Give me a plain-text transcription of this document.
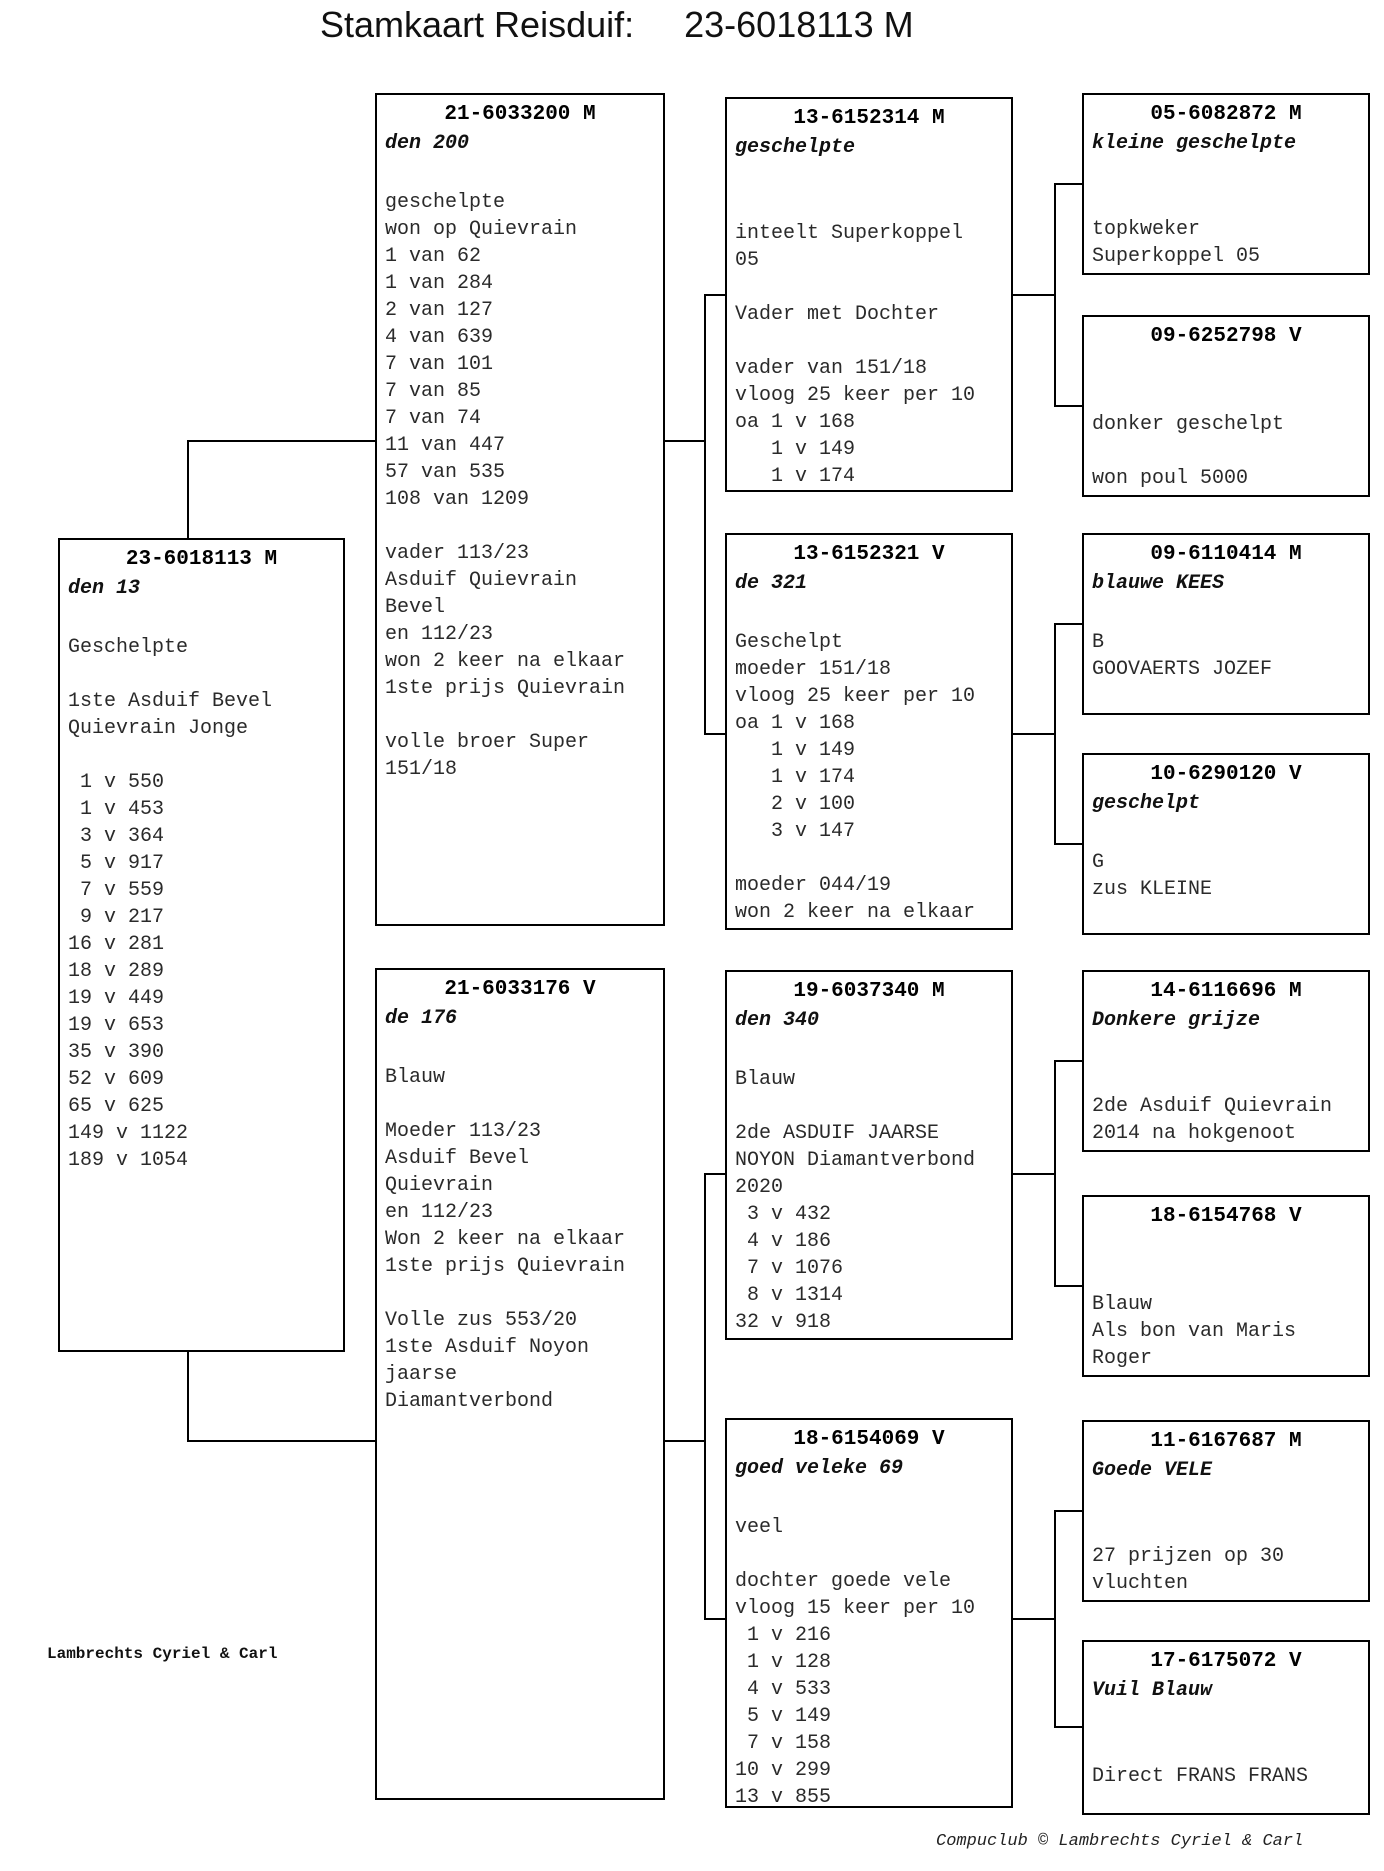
Stamkaart Reisduif: 23-6018113 M
23-6018113 M
den 13
Geschelpte
1ste Asduif Bevel
Quievrain Jonge
1 v 550
1 v 453
3 v 364
5 v 917
7 v 559
9 v 217
16 v 281
18 v 289
19 v 449
19 v 653
35 v 390
52 v 609
65 v 625
149 v 1122
189 v 1054
21-6033200 M
den 200
geschelpte
won op Quievrain
1 van 62
1 van 284
2 van 127
4 van 639
7 van 101
7 van 85
7 van 74
11 van 447
57 van 535
108 van 1209
vader 113/23
Asduif Quievrain
Bevel
en 112/23
won 2 keer na elkaar
1ste prijs Quievrain
volle broer Super
151/18
21-6033176 V
de 176
Blauw
Moeder 113/23
Asduif Bevel
Quievrain
en 112/23
Won 2 keer na elkaar
1ste prijs Quievrain
Volle zus 553/20
1ste Asduif Noyon
jaarse
Diamantverbond
13-6152314 M
geschelpte
inteelt Superkoppel
05
Vader met Dochter
vader van 151/18
vloog 25 keer per 10
oa 1 v 168
1 v 149
1 v 174
13-6152321 V
de 321
Geschelpt
moeder 151/18
vloog 25 keer per 10
oa 1 v 168
1 v 149
1 v 174
2 v 100
3 v 147
moeder 044/19
won 2 keer na elkaar
19-6037340 M
den 340
Blauw
2de ASDUIF JAARSE
NOYON Diamantverbond
2020
3 v 432
4 v 186
7 v 1076
8 v 1314
32 v 918
18-6154069 V
goed veleke 69
veel
dochter goede vele
vloog 15 keer per 10
1 v 216
1 v 128
4 v 533
5 v 149
7 v 158
10 v 299
13 v 855
05-6082872 M
kleine geschelpte
topkweker
Superkoppel 05
09-6252798 V
donker geschelpt
won poul 5000
09-6110414 M
blauwe KEES
B
GOOVAERTS JOZEF
10-6290120 V
geschelpt
G
zus KLEINE
14-6116696 M
Donkere grijze
2de Asduif Quievrain
2014 na hokgenoot
18-6154768 V
Blauw
Als bon van Maris
Roger
11-6167687 M
Goede VELE
27 prijzen op 30
vluchten
17-6175072 V
Vuil Blauw
Direct FRANS FRANS
Lambrechts Cyriel & Carl
Compuclub © Lambrechts Cyriel & Carl
